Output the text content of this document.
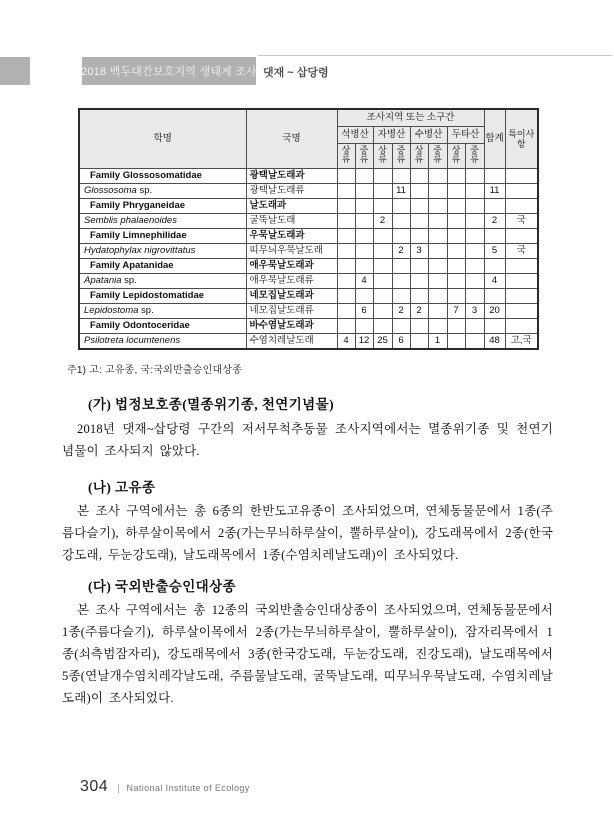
2018 백두대간보호지역 생태계 조사 댓재 ~ 삽당령
학명	국명	조사지역 또는 소구간								합계	특이사항
		석병산		자병산		수병산		두타산			
		상류	중류	상류	중류	상류	중류	상류	중류		
Family Glossosomatidae	광택날도래과										
Glossosoma sp.	광택날도래류				11					11	
Family Phryganeidae	날도래과										
Semblis phalaenoides	굴뚝날도래			2						2	국
Family Limnephilidae	우묵날도래과										
Hydatophylax nigrovittatus	띠무늬우묵날도래				2	3				5	국
Family Apatanidae	애우묵날도래과										
Apatania sp.	애우묵날도래류		4							4	
Family Lepidostomatidae	네모집날도래과										
Lepidostoma sp.	네모집날도래류		6		2	2		7	3	20	
Family Odontoceridae	바수염날도래과										
Psilotreta locumtenens	수염치레날도래	4	12	25	6		1			48	고,국
주1) 고: 고유종, 국:국외반출승인대상종
(가) 법정보호종(멸종위기종, 천연기념물)
2018년 댓재~삽당령 구간의 저서무척추동물 조사지역에서는 멸종위기종 및 천연기념물이 조사되지 않았다.
(나) 고유종
본 조사 구역에서는 총 6종의 한반도고유종이 조사되었으며, 연체동물문에서 1종(주름다슬기), 하루살이목에서 2종(가는무늬하루살이, 뿔하루살이), 강도래목에서 2종(한국강도래, 두눈강도래), 날도래목에서 1종(수염치레날도래)이 조사되었다.
(다) 국외반출승인대상종
본 조사 구역에서는 총 12종의 국외반출승인대상종이 조사되었으며, 연체동물문에서 1종(주름다슬기), 하루살이목에서 2종(가는무늬하루살이, 뿔하루살이), 잠자리목에서 1종(쇠측범잠자리), 강도래목에서 3종(한국강도래, 두눈강도래, 진강도래), 날도래목에서 5종(연날개수염치레각날도래, 주름물날도래, 굴뚝날도래, 띠무늬우묵날도래, 수염치레날도래)이 조사되었다.
304 | National Institute of Ecology
